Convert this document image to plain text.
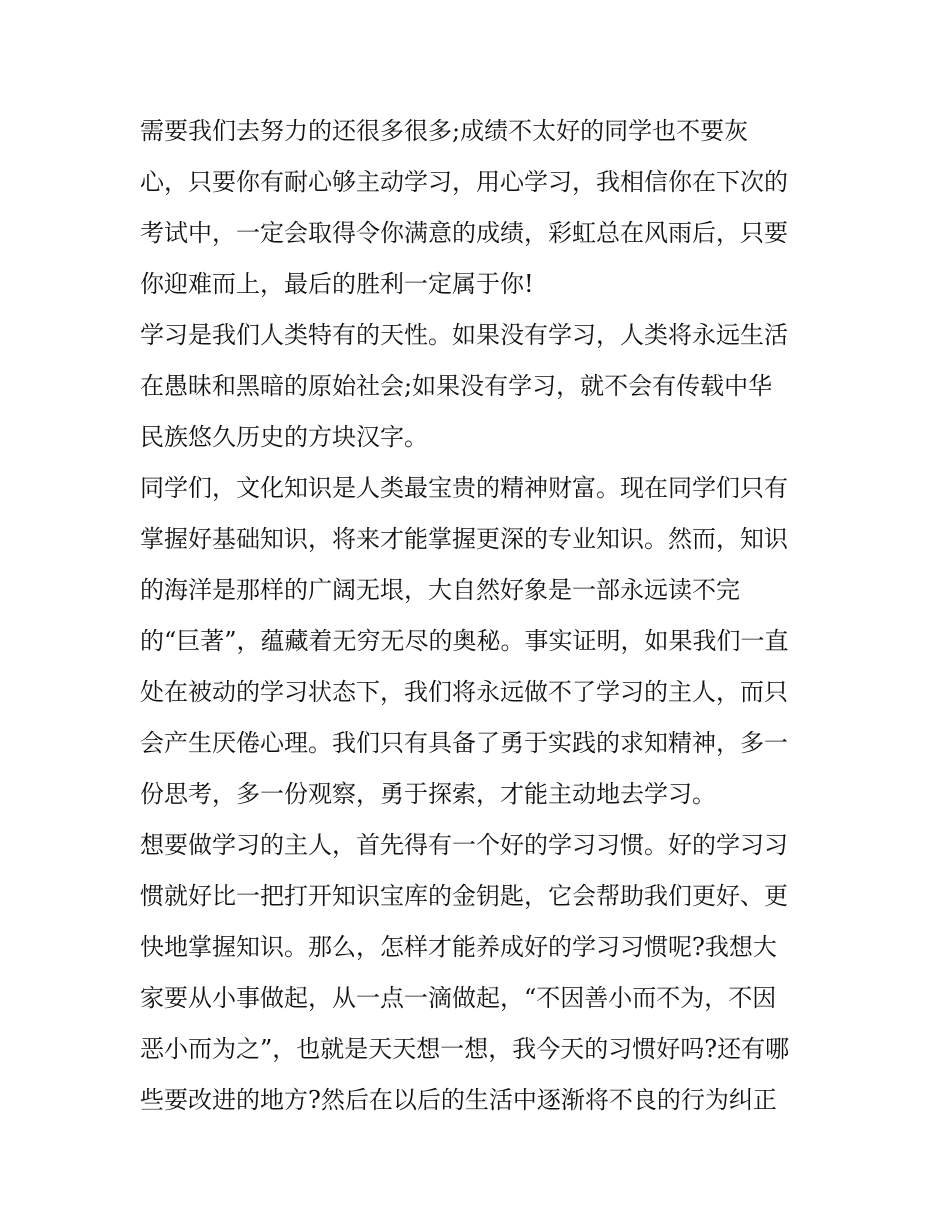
需要我们去努力的还很多很多;成绩不太好的同学也不要灰
心，只要你有耐心够主动学习，用心学习，我相信你在下次的
考试中，一定会取得令你满意的成绩，彩虹总在风雨后，只要
你迎难而上，最后的胜利一定属于你!
学习是我们人类特有的天性。如果没有学习，人类将永远生活
在愚昧和黑暗的原始社会;如果没有学习，就不会有传载中华
民族悠久历史的方块汉字。
同学们，文化知识是人类最宝贵的精神财富。现在同学们只有
掌握好基础知识，将来才能掌握更深的专业知识。然而，知识
的海洋是那样的广阔无垠，大自然好象是一部永远读不完
的“巨著”，蕴藏着无穷无尽的奥秘。事实证明，如果我们一直
处在被动的学习状态下，我们将永远做不了学习的主人，而只
会产生厌倦心理。我们只有具备了勇于实践的求知精神，多一
份思考，多一份观察，勇于探索，才能主动地去学习。
想要做学习的主人，首先得有一个好的学习习惯。好的学习习
惯就好比一把打开知识宝库的金钥匙，它会帮助我们更好、更
快地掌握知识。那么，怎样才能养成好的学习习惯呢?我想大
家要从小事做起，从一点一滴做起，“不因善小而不为，不因
恶小而为之”，也就是天天想一想，我今天的习惯好吗?还有哪
些要改进的地方?然后在以后的生活中逐渐将不良的行为纠正
